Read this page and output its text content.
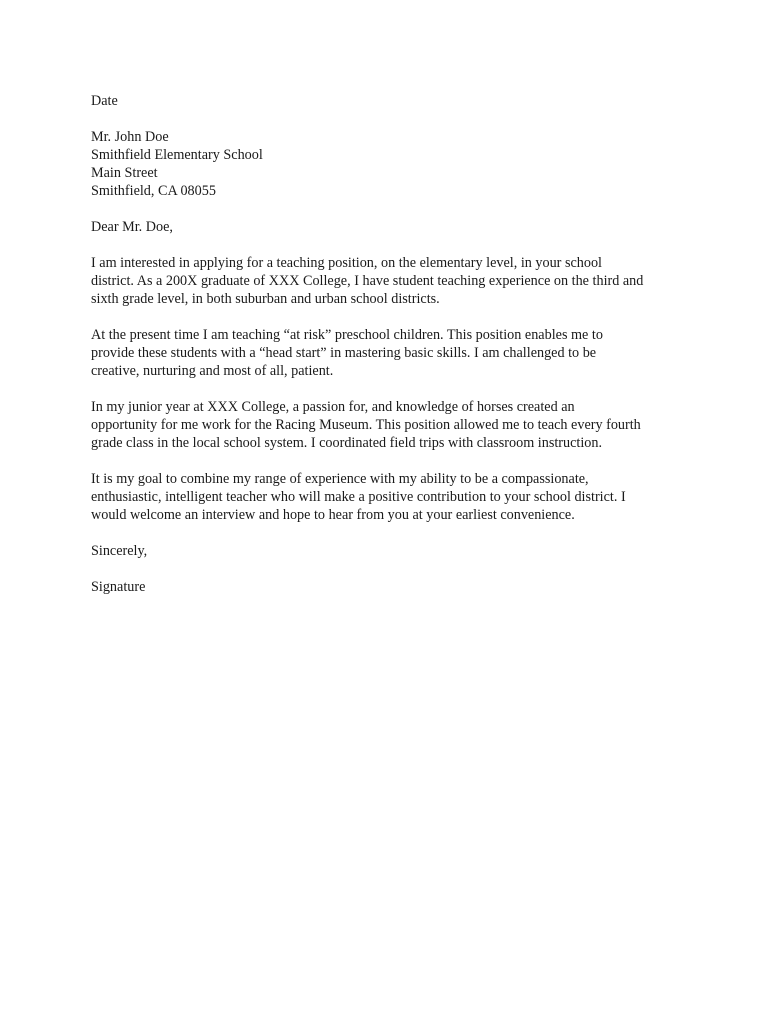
Date
Mr. John Doe
Smithfield Elementary School
Main Street
Smithfield, CA 08055
Dear Mr. Doe,
I am interested in applying for a teaching position, on the elementary level, in your school
district. As a 200X graduate of XXX College, I have student teaching experience on the third and
sixth grade level, in both suburban and urban school districts.
At the present time I am teaching “at risk” preschool children. This position enables me to
provide these students with a “head start” in mastering basic skills. I am challenged to be
creative, nurturing and most of all, patient.
In my junior year at XXX College, a passion for, and knowledge of horses created an
opportunity for me work for the Racing Museum. This position allowed me to teach every fourth
grade class in the local school system. I coordinated field trips with classroom instruction.
It is my goal to combine my range of experience with my ability to be a compassionate,
enthusiastic, intelligent teacher who will make a positive contribution to your school district. I
would welcome an interview and hope to hear from you at your earliest convenience.
Sincerely,
Signature
